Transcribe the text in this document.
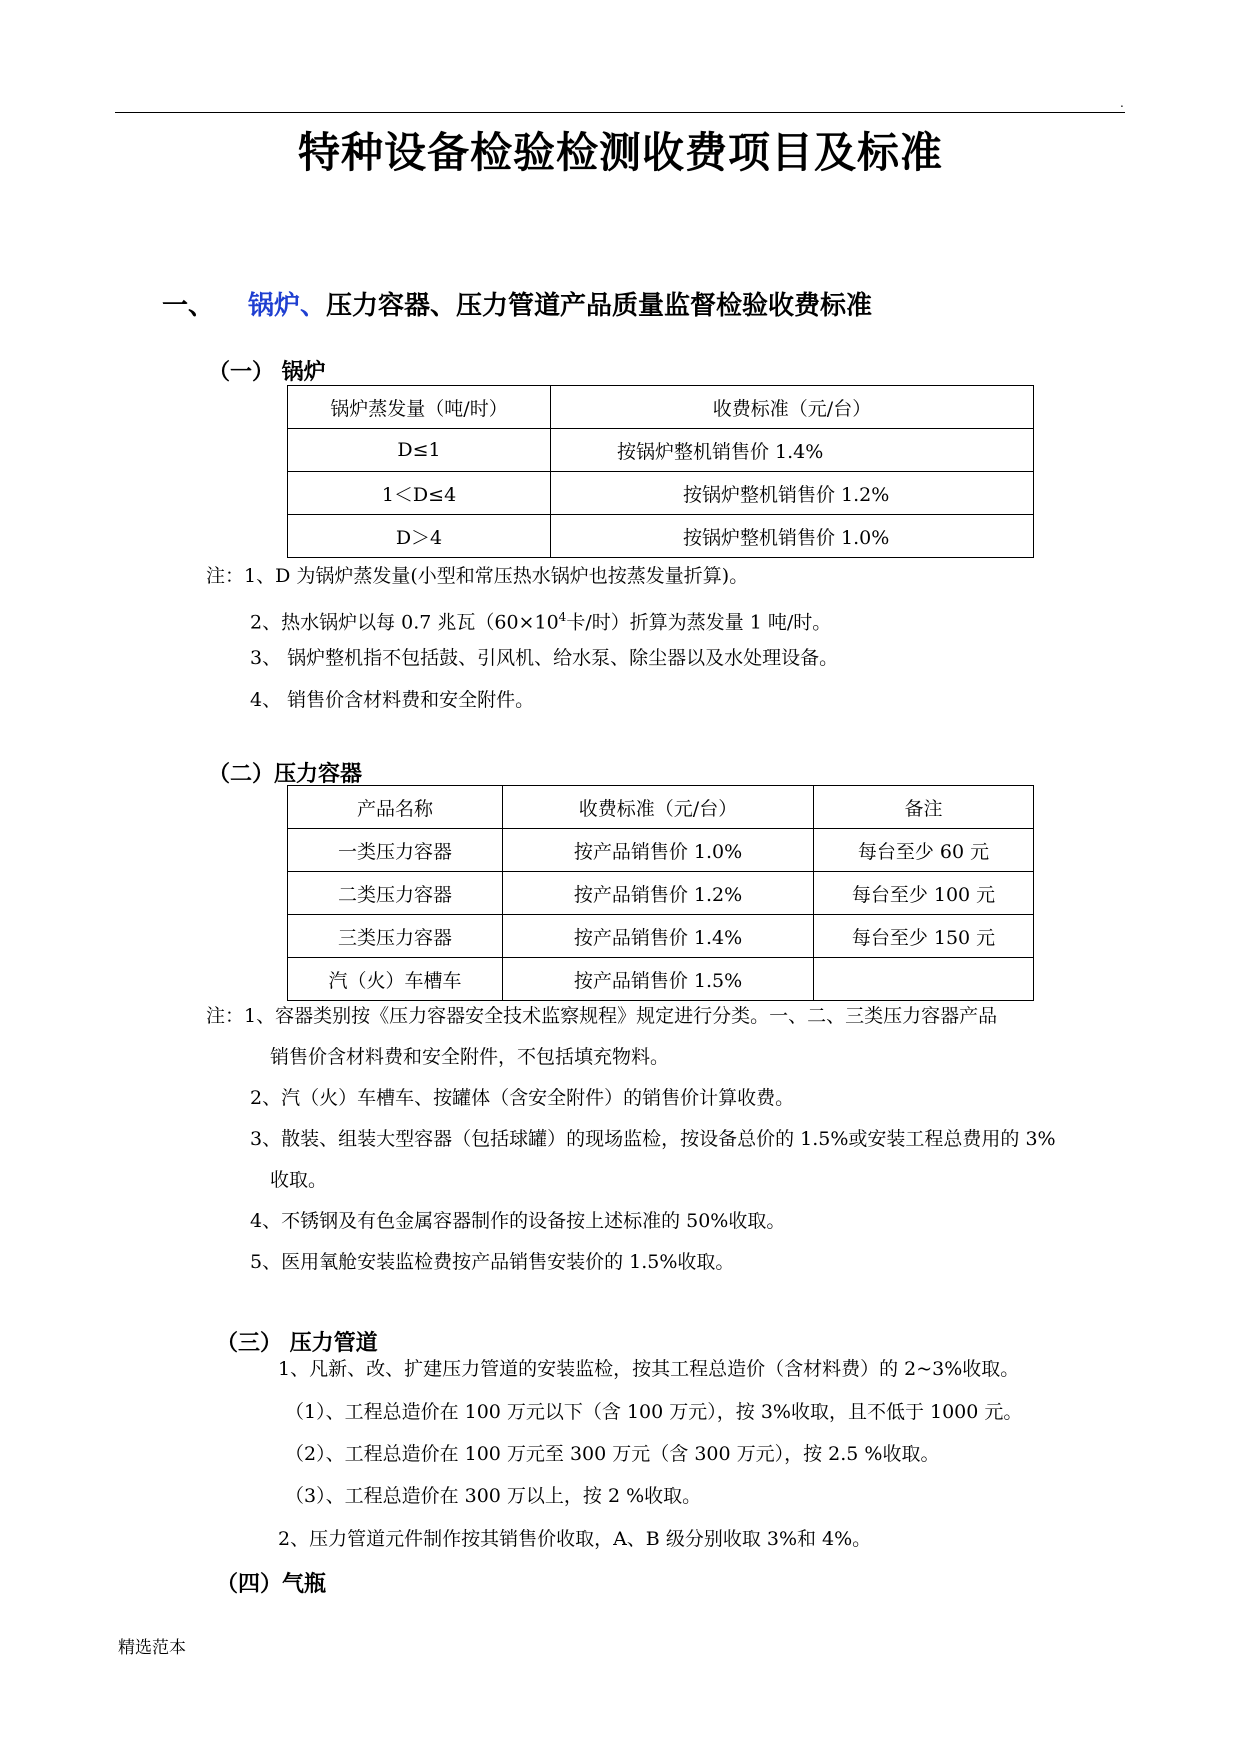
.
特种设备检验检测收费项目及标准
一、 锅炉、压力容器、压力管道产品质量监督检验收费标准
（一） 锅炉
锅炉蒸发量（吨/时）	收费标准（元/台）
D≤1	按锅炉整机销售价 1.4%
1＜D≤4	按锅炉整机销售价 1.2%
D＞4	按锅炉整机销售价 1.0%
注：1、D 为锅炉蒸发量(小型和常压热水锅炉也按蒸发量折算)。
2、热水锅炉以每 0.7 兆瓦（$60\times 10^4$卡/时）折算为蒸发量 1 吨/时。
3、 锅炉整机指不包括鼓、引风机、给水泵、除尘器以及水处理设备。
4、 销售价含材料费和安全附件。
（二）压力容器
产品名称	收费标准（元/台）	备注
一类压力容器	按产品销售价 1.0%	每台至少 60 元
二类压力容器	按产品销售价 1.2%	每台至少 100 元
三类压力容器	按产品销售价 1.4%	每台至少 150 元
汽（火）车槽车	按产品销售价 1.5%	
注：1、容器类别按《压力容器安全技术监察规程》规定进行分类。一、二、三类压力容器产品
销售价含材料费和安全附件，不包括填充物料。
2、汽（火）车槽车、按罐体（含安全附件）的销售价计算收费。
3、散装、组装大型容器（包括球罐）的现场监检，按设备总价的 1.5%或安装工程总费用的 3%
收取。
4、不锈钢及有色金属容器制作的设备按上述标准的 50%收取。
5、医用氧舱安装监检费按产品销售安装价的 1.5%收取。
（三） 压力管道
1、凡新、改、扩建压力管道的安装监检，按其工程总造价（含材料费）的 2~3%收取。
（1）、工程总造价在 100 万元以下（含 100 万元），按 3%收取，且不低于 1000 元。
（2）、工程总造价在 100 万元至 300 万元（含 300 万元），按 2.5 %收取。
（3）、工程总造价在 300 万以上，按 2 %收取。
2、压力管道元件制作按其销售价收取，A、B 级分别收取 3%和 4%。
（四）气瓶
精选范本
